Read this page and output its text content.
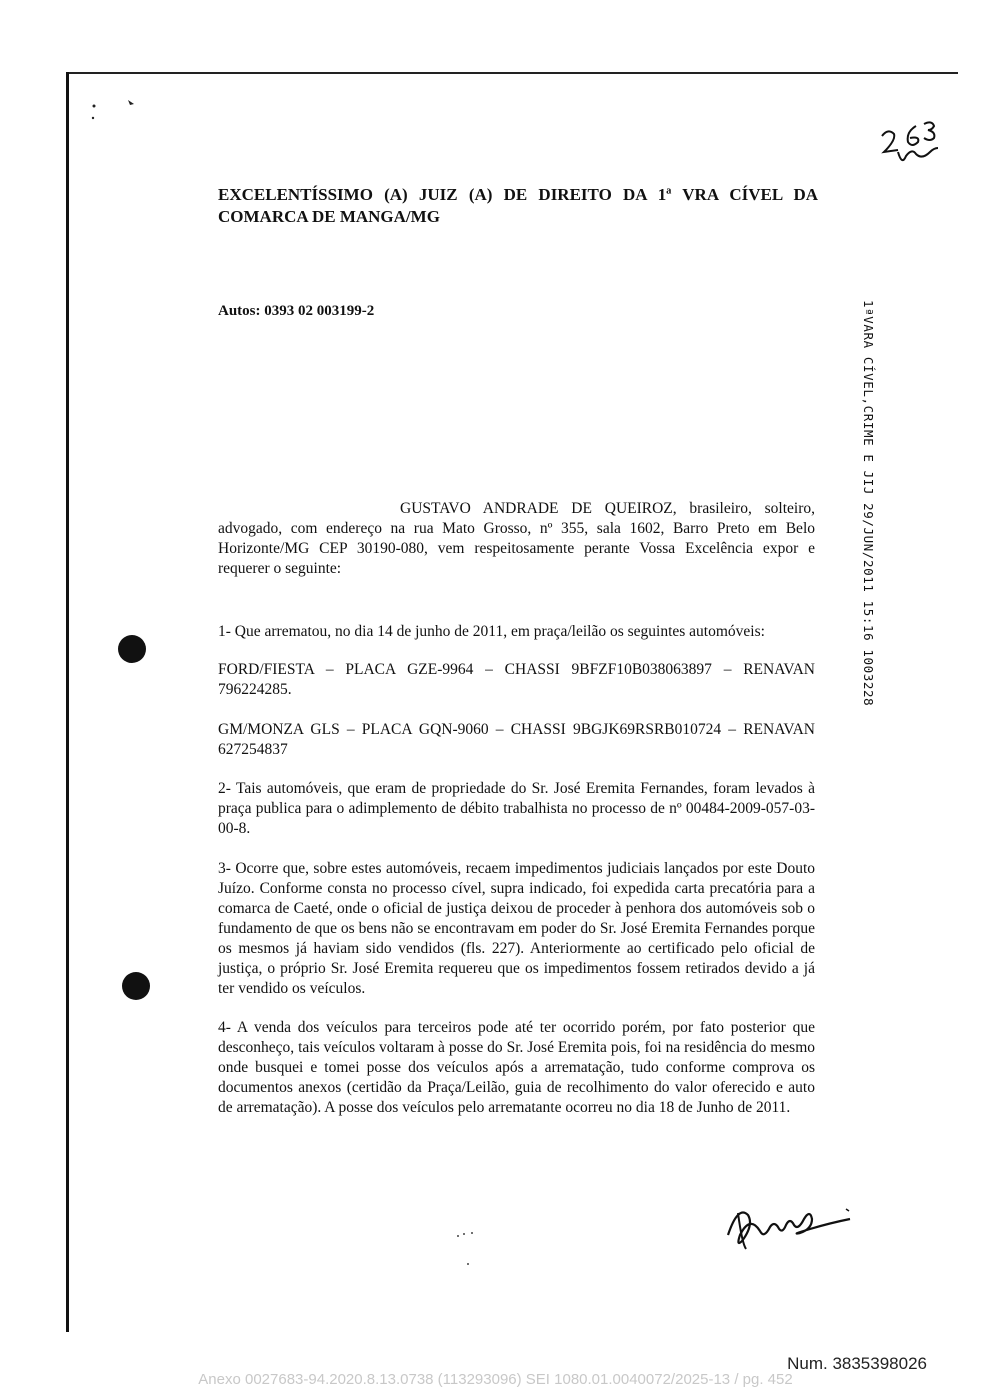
EXCELENTÍSSIMO (A) JUIZ (A) DE DIREITO DA 1ª VRA CÍVEL DA COMARCA DE MANGA/MG
Autos: 0393 02 003199-2	1ªVARA CÍVEL,CRIME E JIJ 29/JUN/2011 15:16 1003228
GUSTAVO ANDRADE DE QUEIROZ, brasileiro, solteiro, advogado, com endereço na rua Mato Grosso, nº 355, sala 1602, Barro Preto em Belo Horizonte/MG CEP 30190-080, vem respeitosamente perante Vossa Excelência expor e requerer o seguinte:
1- Que arrematou, no dia 14 de junho de 2011, em praça/leilão os seguintes automóveis:
FORD/FIESTA – PLACA GZE-9964 – CHASSI 9BFZF10B038063897 – RENAVAN 796224285.
GM/MONZA GLS – PLACA GQN-9060 – CHASSI 9BGJK69RSRB010724 – RENAVAN 627254837
2- Tais automóveis, que eram de propriedade do Sr. José Eremita Fernandes, foram levados à praça publica para o adimplemento de débito trabalhista no processo de nº 00484-2009-057-03-00-8.
3- Ocorre que, sobre estes automóveis, recaem impedimentos judiciais lançados por este Douto Juízo. Conforme consta no processo cível, supra indicado, foi expedida carta precatória para a comarca de Caeté, onde o oficial de justiça deixou de proceder à penhora dos automóveis sob o fundamento de que os bens não se encontravam em poder do Sr. José Eremita Fernandes porque os mesmos já haviam sido vendidos (fls. 227). Anteriormente ao certificado pelo oficial de justiça, o próprio Sr. José Eremita requereu que os impedimentos fossem retirados devido a já ter vendido os veículos.
4- A venda dos veículos para terceiros pode até ter ocorrido porém, por fato posterior que desconheço, tais veículos voltaram à posse do Sr. José Eremita pois, foi na residência do mesmo onde busquei e tomei posse dos veículos após a arrematação, tudo conforme comprova os documentos anexos (certidão da Praça/Leilão, guia de recolhimento do valor oferecido e auto de arrematação). A posse dos veículos pelo arrematante ocorreu no dia 18 de Junho de 2011.
Num. 3835398026
Anexo 0027683-94.2020.8.13.0738 (113293096) SEI 1080.01.0040072/2025-13 / pg. 452
